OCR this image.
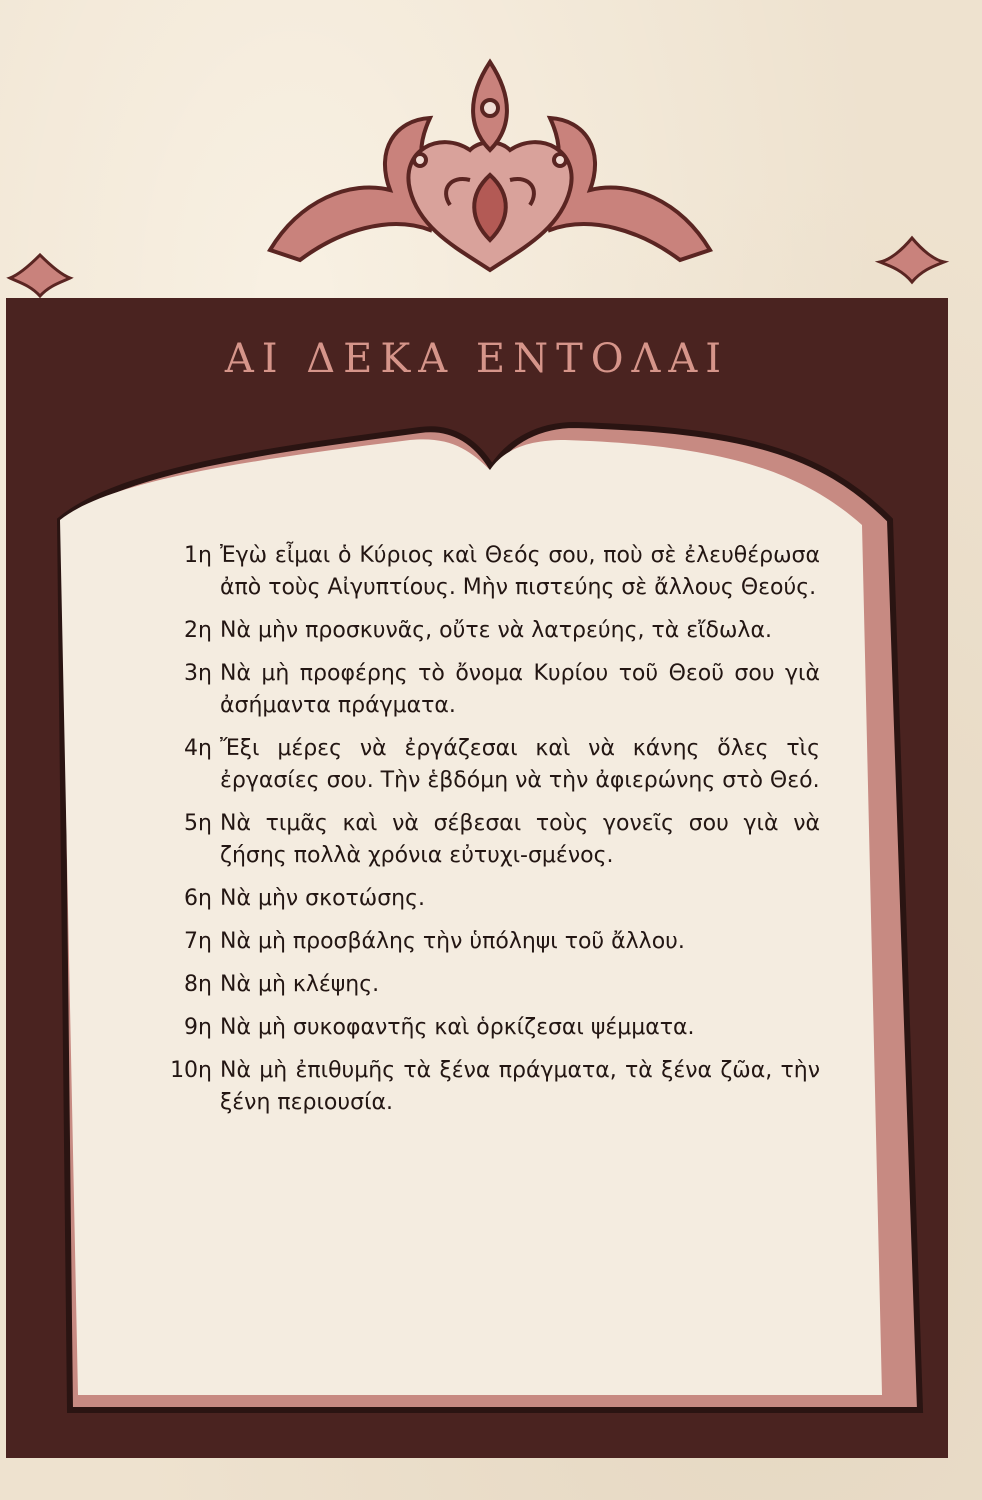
ΑΙ ΔΕΚΑ ΕΝΤΟΛΑΙ
1η Ἐγὼ εἶμαι ὁ Κύριος καὶ Θεός σου, ποὺ σὲ ἐλευθέρωσα ἀπὸ τοὺς Αἰγυπτίους. Μὴν πιστεύης σὲ ἄλλους Θεούς.
2η Νὰ μὴν προσκυνᾶς, οὔτε νὰ λατρεύης, τὰ εἴδωλα.
3η Νὰ μὴ προφέρης τὸ ὄνομα Κυρίου τοῦ Θεοῦ σου γιὰ ἀσήμαντα πράγματα.
4η Ἔξι μέρες νὰ ἐργάζεσαι καὶ νὰ κάνης ὅλες τὶς ἐργασίες σου. Τὴν ἑβδόμη νὰ τὴν ἀφιερώνης στὸ Θεό.
5η Νὰ τιμᾶς καὶ νὰ σέβεσαι τοὺς γονεῖς σου γιὰ νὰ ζήσης πολλὰ χρόνια εὐτυχι-σμένος.
6η Νὰ μὴν σκοτώσης.
7η Νὰ μὴ προσβάλης τὴν ὑπόληψι τοῦ ἄλλου.
8η Νὰ μὴ κλέψης.
9η Νὰ μὴ συκοφαντῆς καὶ ὁρκίζεσαι ψέμματα.
10η Νὰ μὴ ἐπιθυμῆς τὰ ξένα πράγματα, τὰ ξένα ζῶα, τὴν ξένη περιουσία.
